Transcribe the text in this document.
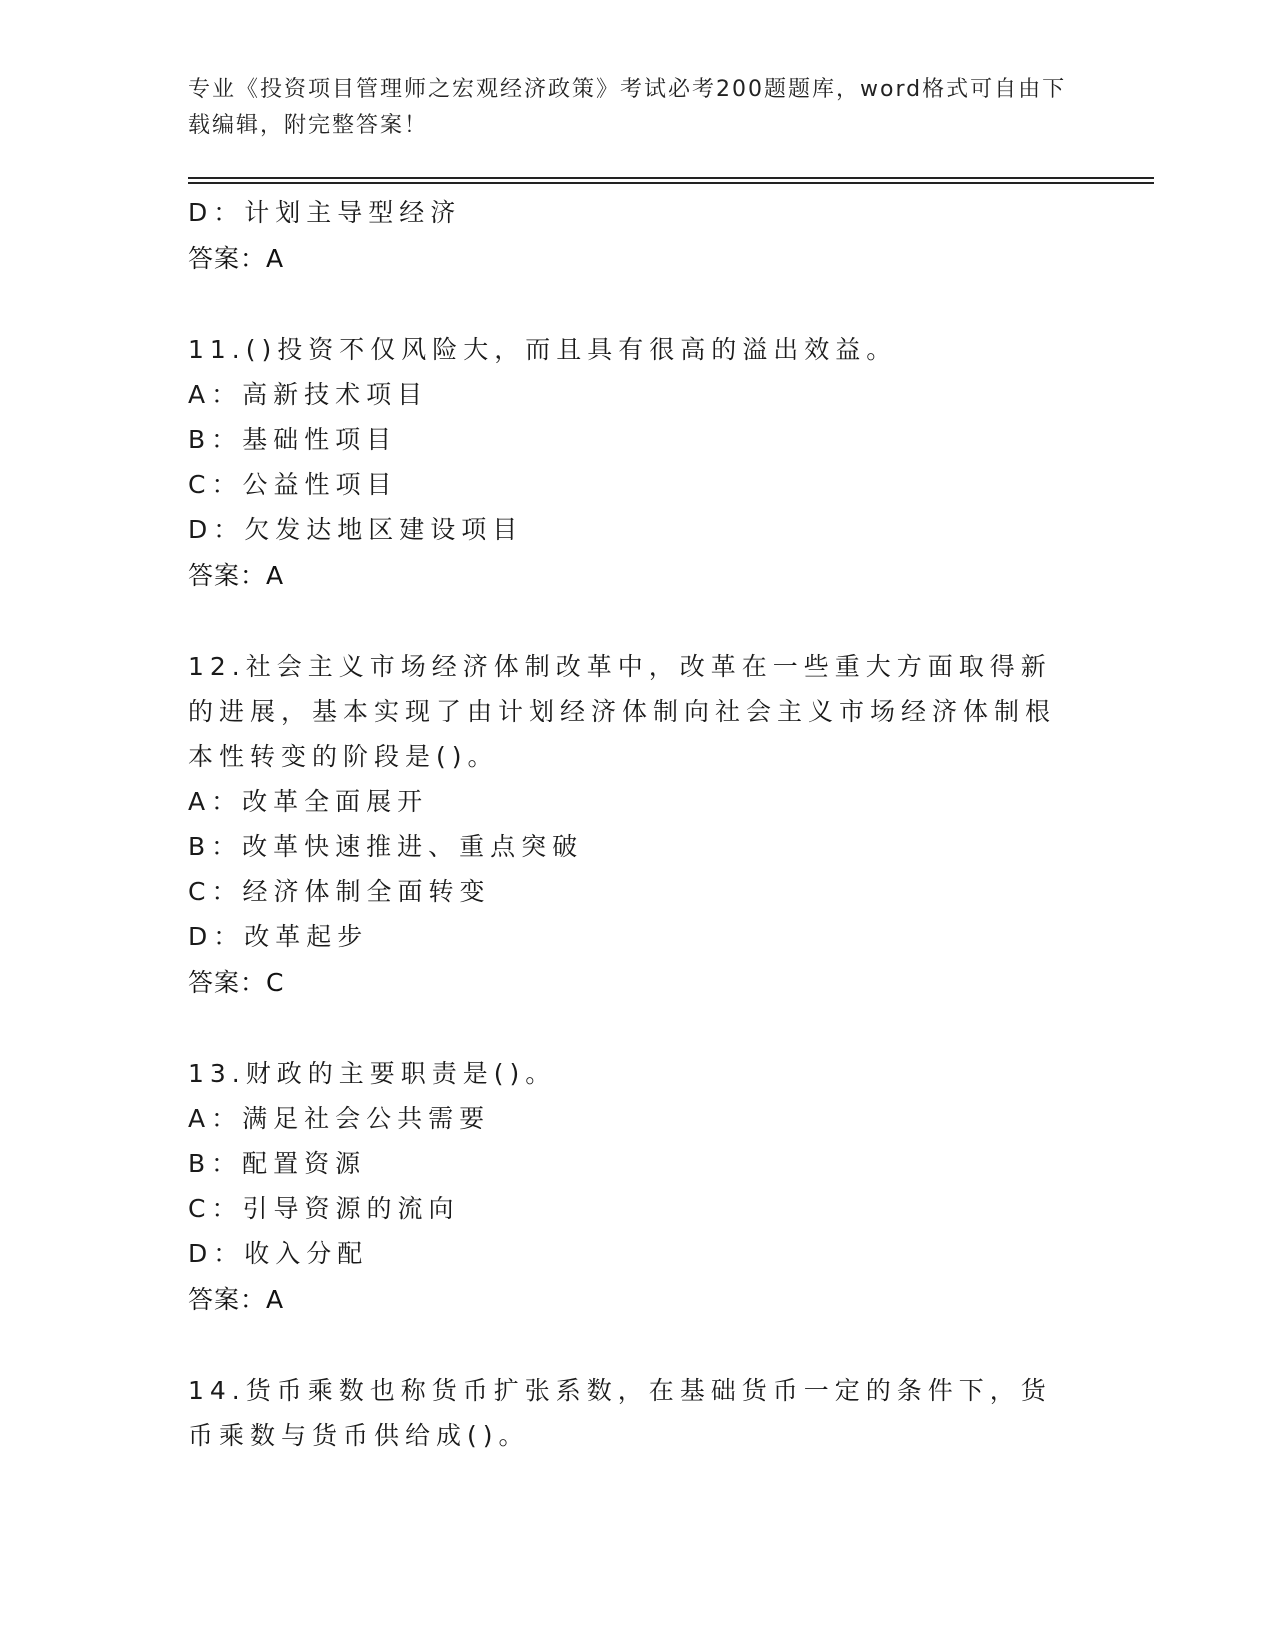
专业《投资项目管理师之宏观经济政策》考试必考200题题库，word格式可自由下载编辑，附完整答案！

D：计划主导型经济

答案：A

11.()投资不仅风险大，而且具有很高的溢出效益。

A：高新技术项目

B：基础性项目

C：公益性项目

D：欠发达地区建设项目

答案：A

12.社会主义市场经济体制改革中，改革在一些重大方面取得新的进展，基本实现了由计划经济体制向社会主义市场经济体制根本性转变的阶段是()。

A：改革全面展开

B：改革快速推进、重点突破

C：经济体制全面转变

D：改革起步

答案：C

13.财政的主要职责是()。

A：满足社会公共需要

B：配置资源

C：引导资源的流向

D：收入分配

答案：A

14.货币乘数也称货币扩张系数，在基础货币一定的条件下，货币乘数与货币供给成()。
